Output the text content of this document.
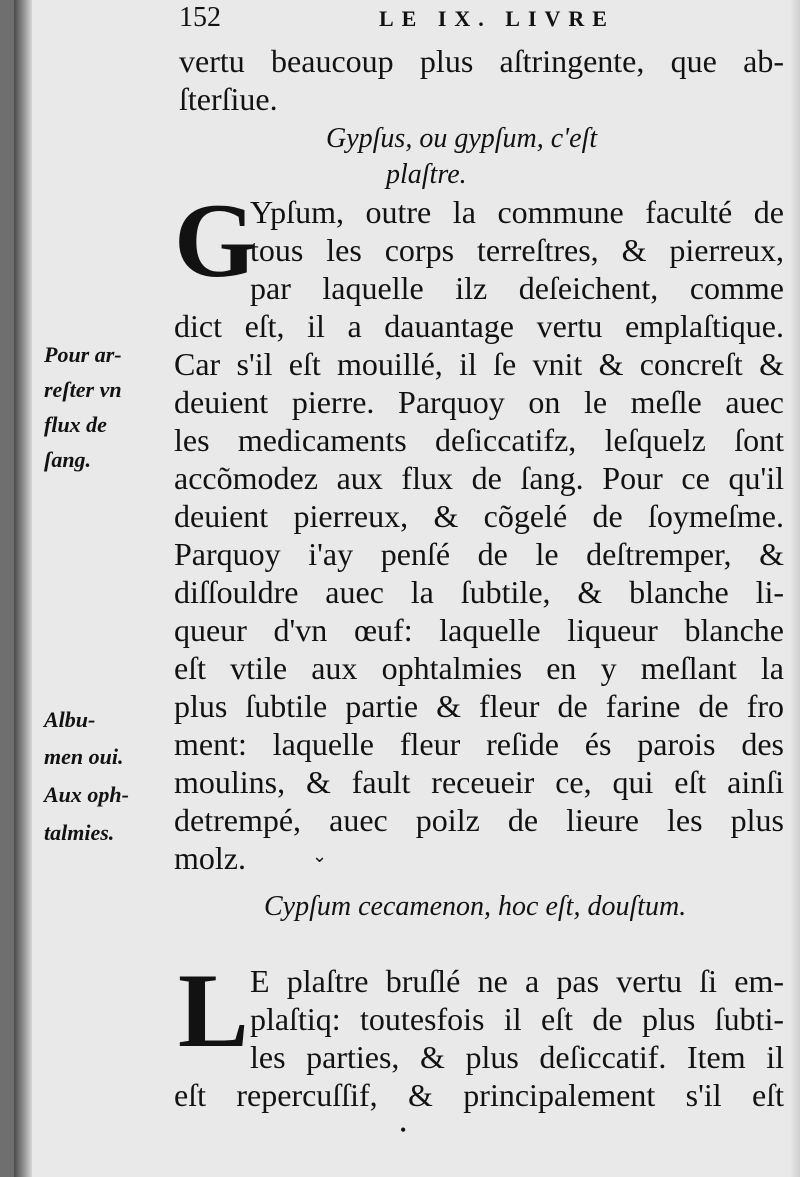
152	LE IX. LIVRE
vertu beaucoup plus aſtringente, que ab-
ſterſiue.
Gypſus, ou gypſum, c'eſt
plaſtre.
G
Ypſum, outre la commune faculté de
tous les corps terreſtres, & pierreux,
par laquelle ilz deſeichent, comme
dict eſt, il a dauantage vertu emplaſtique.
Car s'il eſt mouillé, il ſe vnit & concreſt &
deuient pierre. Parquoy on le meſle auec
les medicaments deſiccatifz, leſquelz ſont
accõmodez aux flux de ſang. Pour ce qu'il
deuient pierreux, & cõgelé de ſoymeſme.
Parquoy i'ay penſé de le deſtremper, &
diſſouldre auec la ſubtile, & blanche li-
queur d'vn œuf: laquelle liqueur blanche
eſt vtile aux ophtalmies en y meſlant la
plus ſubtile partie & fleur de farine de fro
ment: laquelle fleur reſide és parois des
moulins, & fault receueir ce, qui eſt ainſi
detrempé, auec poilz de lieure les plus
molz.
Pour ar-
reſter vn
flux de
ſang.
Albu-
men oui.
Aux oph-
talmies.
⌄
Cypſum cecamenon, hoc eſt, douſtum.
L E plaſtre bruſlé ne a pas vertu ſi em-
plaſtiq: toutesfois il eſt de plus ſubti-
les parties, & plus deſiccatif. Item il
eſt repercuſſif, & principalement s'il eſt
•
